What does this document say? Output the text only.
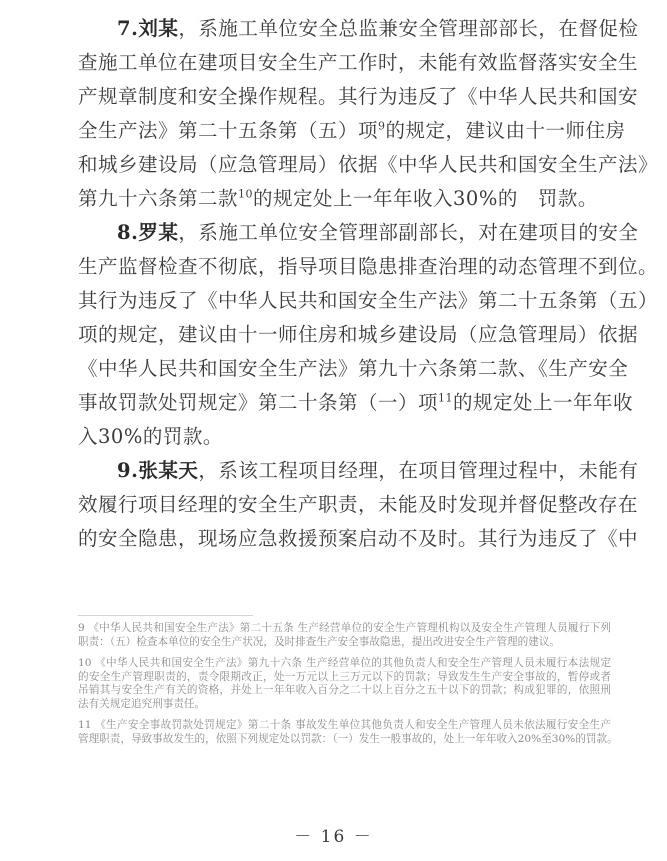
7.刘某，系施工单位安全总监兼安全管理部部长，在督促检
查施工单位在建项目安全生产工作时，未能有效监督落实安全生
产规章制度和安全操作规程。其行为违反了《中华人民共和国安
全生产法》第二十五条第（五）项$^9$的规定，建议由十一师住房
和城乡建设局（应急管理局）依据《中华人民共和国安全生产法》
第九十六条第二款$^{10}$的规定处上一年年收入30%的　罚款。
8.罗某，系施工单位安全管理部副部长，对在建项目的安全
生产监督检查不彻底，指导项目隐患排查治理的动态管理不到位。
其行为违反了《中华人民共和国安全生产法》第二十五条第（五）
项的规定，建议由十一师住房和城乡建设局（应急管理局）依据
《中华人民共和国安全生产法》第九十六条第二款、《生产安全
事故罚款处罚规定》第二十条第（一）项$^{11}$的规定处上一年年收
入30%的罚款。
9.张某天，系该工程项目经理，在项目管理过程中，未能有
效履行项目经理的安全生产职责，未能及时发现并督促整改存在
的安全隐患，现场应急救援预案启动不及时。其行为违反了《中
9 《中华人民共和国安全生产法》第二十五条 生产经营单位的安全生产管理机构以及安全生产管理人员履行下列
职责：（五）检查本单位的安全生产状况，及时排查生产安全事故隐患，提出改进安全生产管理的建议。
10 《中华人民共和国安全生产法》第九十六条 生产经营单位的其他负责人和安全生产管理人员未履行本法规定
的安全生产管理职责的，责令限期改正，处一万元以上三万元以下的罚款；导致发生生产安全事故的，暂停或者
吊销其与安全生产有关的资格，并处上一年年收入百分之二十以上百分之五十以下的罚款；构成犯罪的，依照刑
法有关规定追究刑事责任。
11 《生产安全事故罚款处罚规定》第二十条 事故发生单位其他负责人和安全生产管理人员未依法履行安全生产
管理职责，导致事故发生的，依照下列规定处以罚款：（一）发生一般事故的，处上一年年收入20%至30%的罚款。
－ 16 －
